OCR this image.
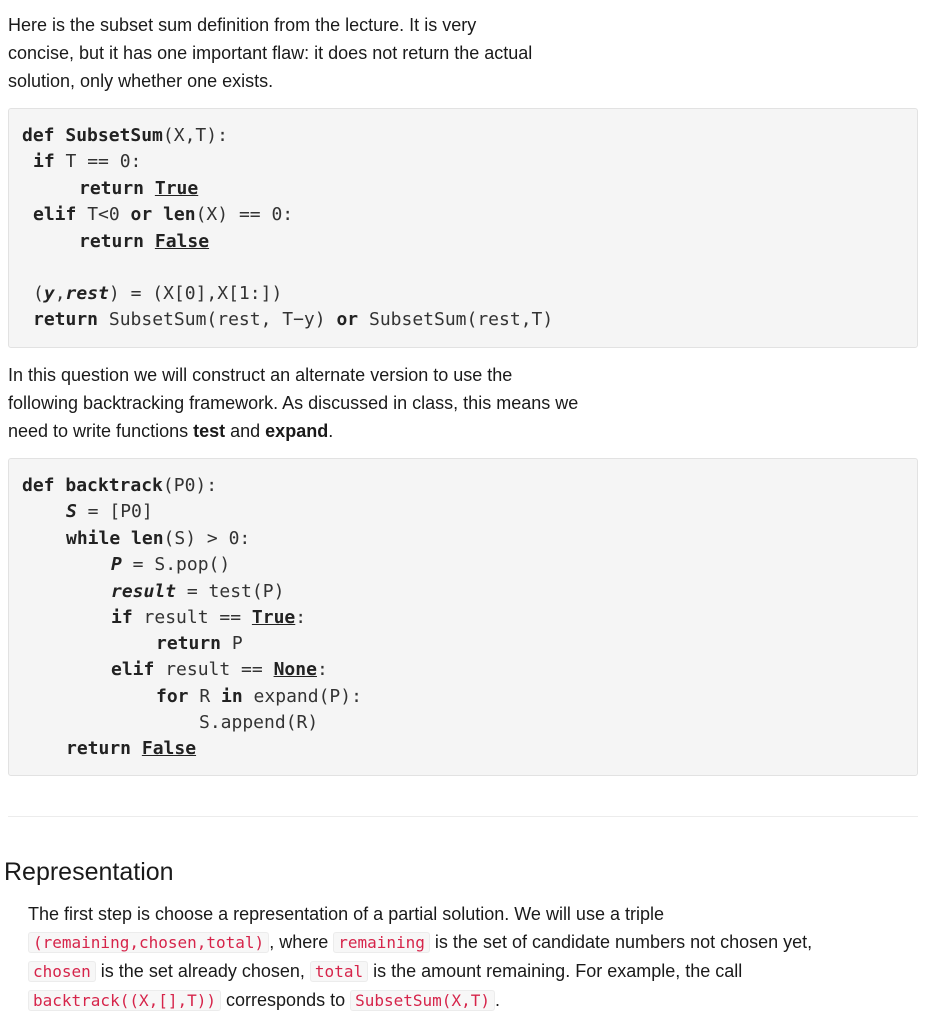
Here is the subset sum definition from the lecture. It is very
concise, but it has one important flaw: it does not return the actual
solution, only whether one exists.
def SubsetSum(X,T):
if T == 0:
return True
elif T<0 or len(X) == 0:
return False
(y,rest) = (X[0],X[1:])
return SubsetSum(rest, T−y) or SubsetSum(rest,T)
In this question we will construct an alternate version to use the
following backtracking framework. As discussed in class, this means we
need to write functions test and expand.
def backtrack(P0):
S = [P0]
while len(S) > 0:
P = S.pop()
result = test(P)
if result == True:
return P
elif result == None:
for R in expand(P):
S.append(R)
return False
Representation
The first step is choose a representation of a partial solution. We will use a triple
(remaining,chosen,total) , where remaining is the set of candidate numbers not chosen yet,
chosen is the set already chosen, total is the amount remaining. For example, the call
backtrack((X,[],T)) corresponds to SubsetSum(X,T) .
